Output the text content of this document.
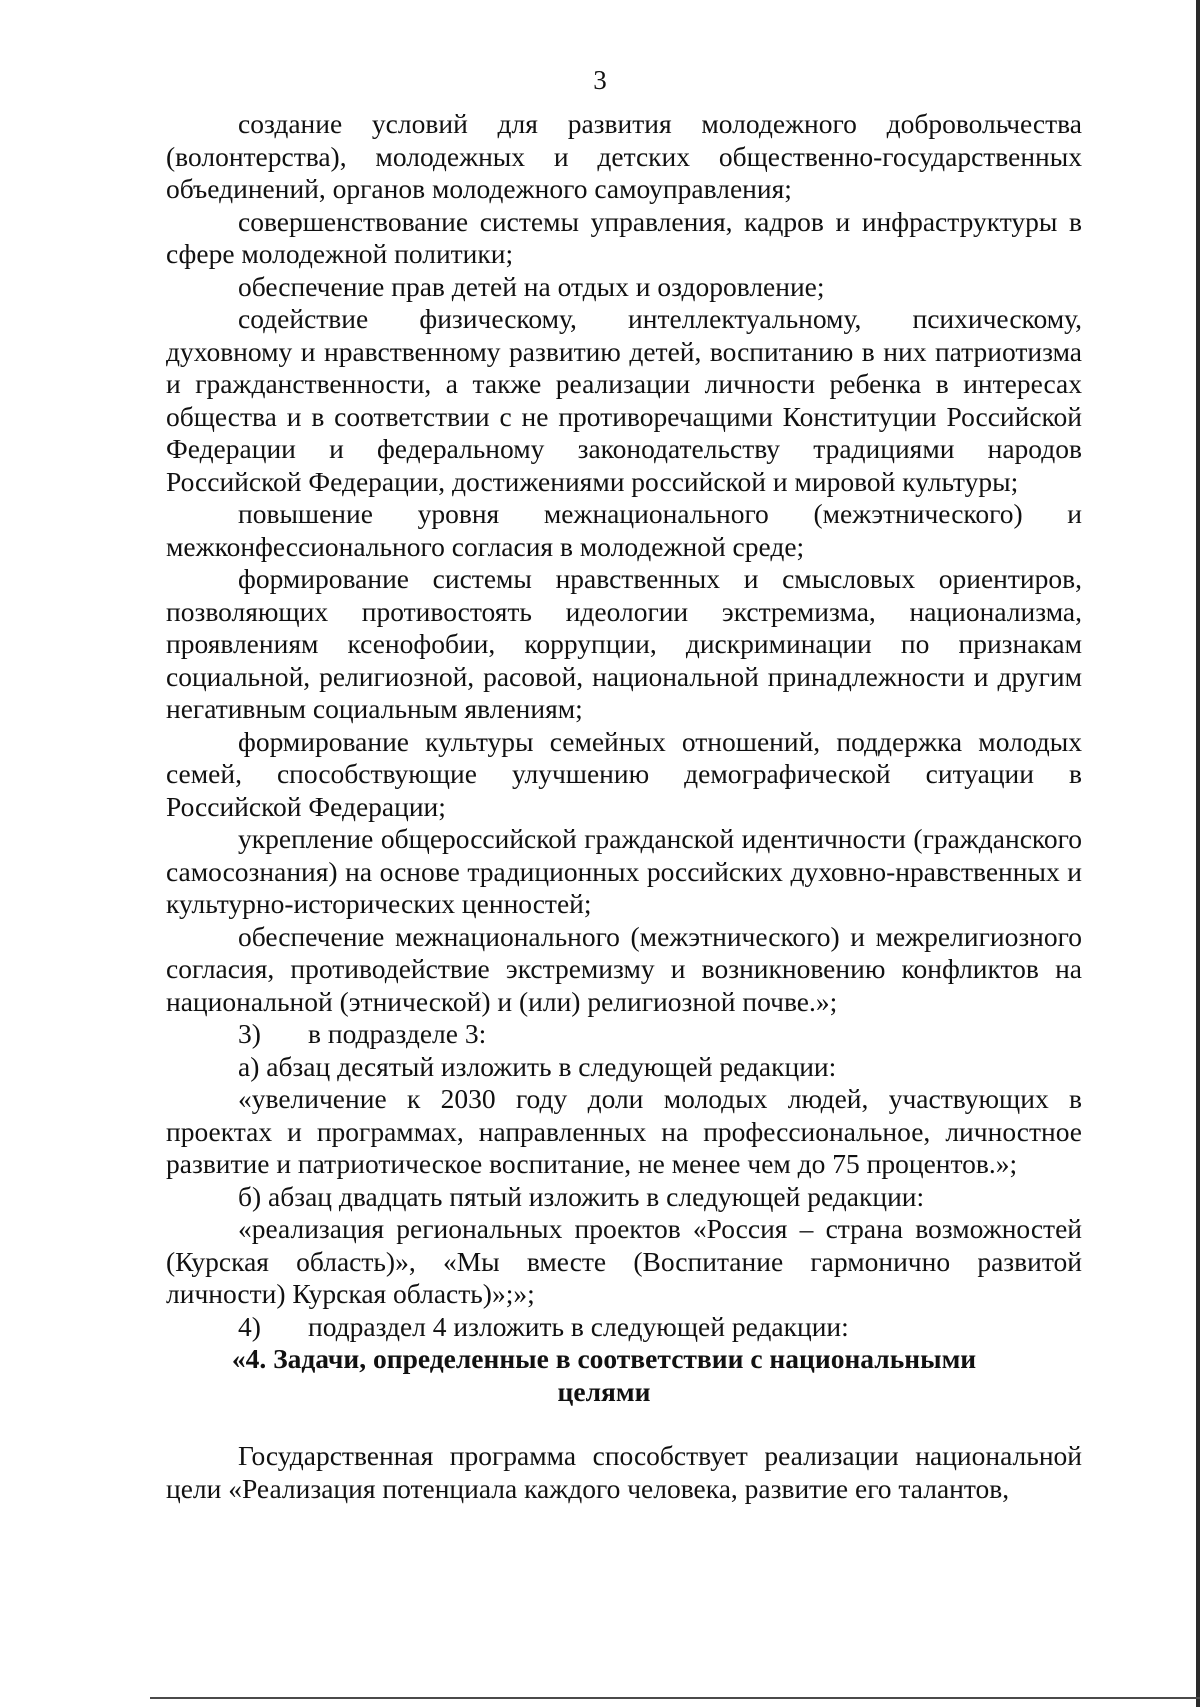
3

создание условий для развития молодежного добровольчества (волонтерства), молодежных и детских общественно-государственных объединений, органов молодежного самоуправления;

совершенствование системы управления, кадров и инфраструктуры в сфере молодежной политики;

обеспечение прав детей на отдых и оздоровление;

содействие физическому, интеллектуальному, психическому, духовному и нравственному развитию детей, воспитанию в них патриотизма и гражданственности, а также реализации личности ребенка в интересах общества и в соответствии с не противоречащими Конституции Российской Федерации и федеральному законодательству традициями народов Российской Федерации, достижениями российской и мировой культуры;

повышение уровня межнационального (межэтнического) и межконфессионального согласия в молодежной среде;

формирование системы нравственных и смысловых ориентиров, позволяющих противостоять идеологии экстремизма, национализма, проявлениям ксенофобии, коррупции, дискриминации по признакам социальной, религиозной, расовой, национальной принадлежности и другим негативным социальным явлениям;

формирование культуры семейных отношений, поддержка молодых семей, способствующие улучшению демографической ситуации в Российской Федерации;

укрепление общероссийской гражданской идентичности (гражданского самосознания) на основе традиционных российских духовно-нравственных и культурно-исторических ценностей;

обеспечение межнационального (межэтнического) и межрелигиозного согласия, противодействие экстремизму и возникновению конфликтов на национальной (этнической) и (или) религиозной почве.»;

3) в подразделе 3:

а) абзац десятый изложить в следующей редакции:

«увеличение к 2030 году доли молодых людей, участвующих в проектах и программах, направленных на профессиональное, личностное развитие и патриотическое воспитание, не менее чем до 75 процентов.»;

б) абзац двадцать пятый изложить в следующей редакции:

«реализация региональных проектов «Россия – страна возможностей (Курская область)», «Мы вместе (Воспитание гармонично развитой личности) Курская область)»;»;

4) подраздел 4 изложить в следующей редакции:

«4. Задачи, определенные в соответствии с национальными
целями

Государственная программа способствует реализации национальной цели «Реализация потенциала каждого человека, развитие его талантов,
